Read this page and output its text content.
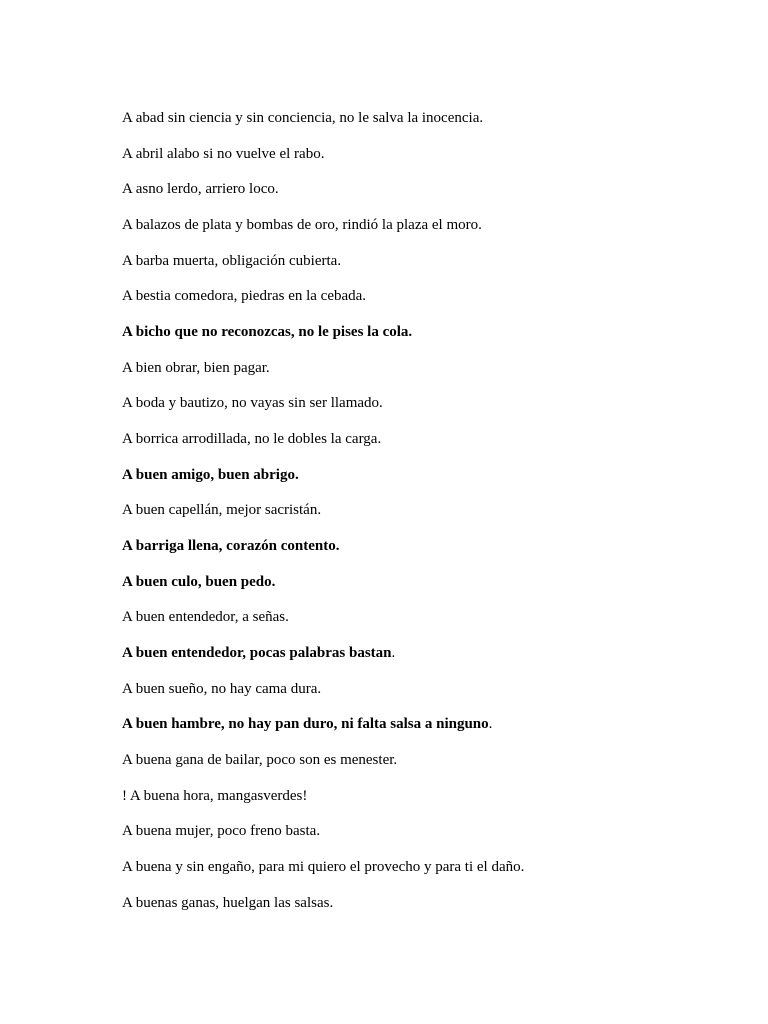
A abad sin ciencia y sin conciencia, no le salva la inocencia.
A abril alabo si no vuelve el rabo.
A asno lerdo, arriero loco.
A balazos de plata y bombas de oro, rindió la plaza el moro.
A barba muerta, obligación cubierta.
A bestia comedora, piedras en la cebada.
A bicho que no reconozcas, no le pises la cola.
A bien obrar, bien pagar.
A boda y bautizo, no vayas sin ser llamado.
A borrica arrodillada, no le dobles la carga.
A buen amigo, buen abrigo.
A buen capellán, mejor sacristán.
A barriga llena, corazón contento.
A buen culo, buen pedo.
A buen entendedor, a señas.
A buen entendedor, pocas palabras bastan.
A buen sueño, no hay cama dura.
A buen hambre, no hay pan duro, ni falta salsa a ninguno.
A buena gana de bailar, poco son es menester.
! A buena hora, mangasverdes!
A buena mujer, poco freno basta.
A buena y sin engaño, para mi quiero el provecho y para ti el daño.
A buenas ganas, huelgan las salsas.
